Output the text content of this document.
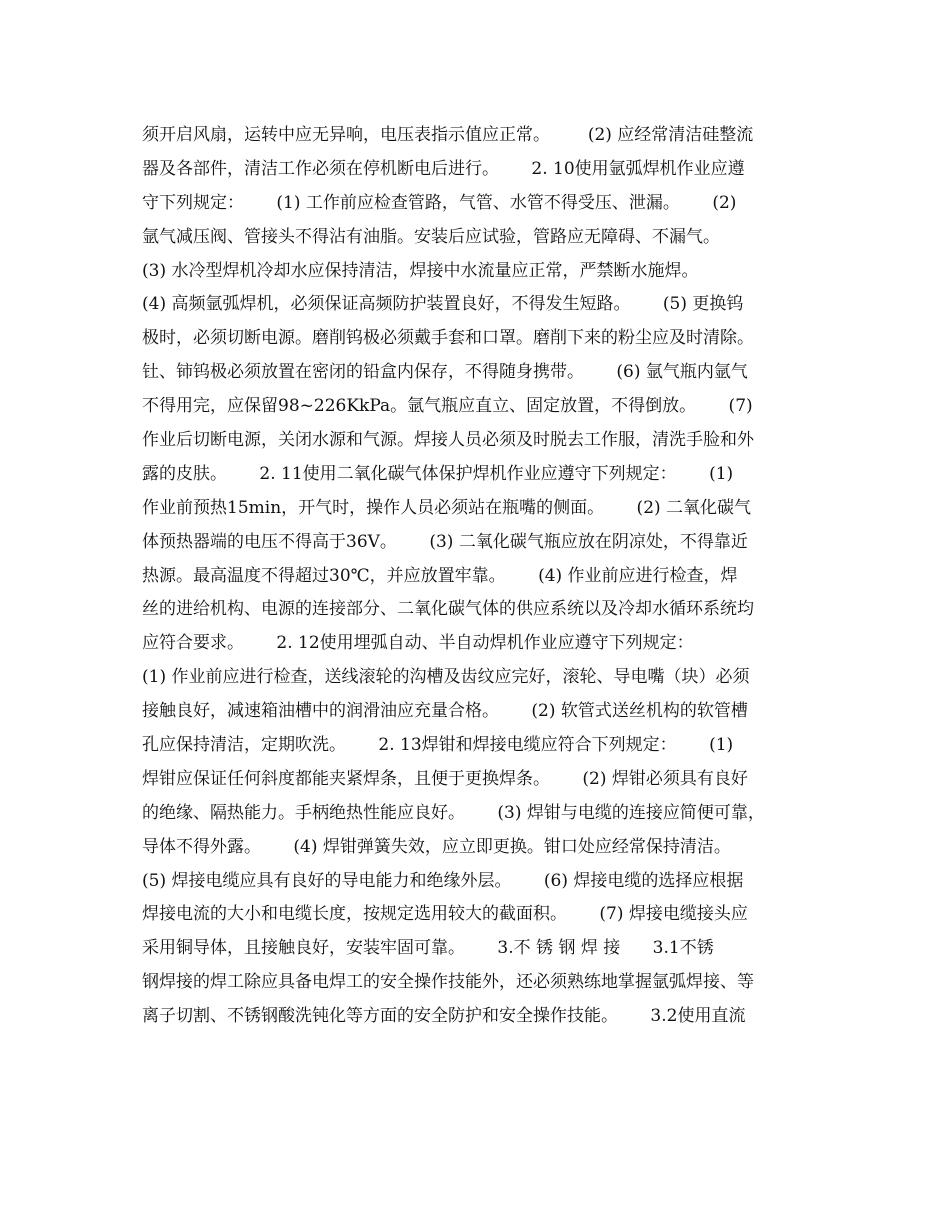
须开启风扇，运转中应无异响，电压表指示值应正常。       (2) 应经常清洁硅整流
器及各部件，清洁工作必须在停机断电后进行。      2. 10使用氩弧焊机作业应遵
守下列规定：      (1) 工作前应检查管路，气管、水管不得受压、泄漏。      (2)
氩气减压阀、管接头不得沾有油脂。安装后应试验，管路应无障碍、不漏气。
(3) 水冷型焊机冷却水应保持清洁，焊接中水流量应正常，严禁断水施焊。
(4) 高频氩弧焊机，必须保证高频防护装置良好，不得发生短路。      (5) 更换钨
极时，必须切断电源。磨削钨极必须戴手套和口罩。磨削下来的粉尘应及时清除。
钍、铈钨极必须放置在密闭的铅盒内保存，不得随身携带。      (6) 氩气瓶内氩气
不得用完，应保留98~226KkPa。氩气瓶应直立、固定放置，不得倒放。      (7)
作业后切断电源，关闭水源和气源。焊接人员必须及时脱去工作服，清洗手脸和外
露的皮肤。      2. 11使用二氧化碳气体保护焊机作业应遵守下列规定：      (1)
作业前预热15min，开气时，操作人员必须站在瓶嘴的侧面。      (2) 二氧化碳气
体预热器端的电压不得高于36V。      (3) 二氧化碳气瓶应放在阴凉处，不得靠近
热源。最高温度不得超过30℃，并应放置牢靠。      (4) 作业前应进行检查，焊
丝的进给机构、电源的连接部分、二氧化碳气体的供应系统以及冷却水循环系统均
应符合要求。      2. 12使用埋弧自动、半自动焊机作业应遵守下列规定：
(1) 作业前应进行检查，送线滚轮的沟槽及齿纹应完好，滚轮、导电嘴（块）必须
接触良好，减速箱油槽中的润滑油应充量合格。      (2) 软管式送丝机构的软管槽
孔应保持清洁，定期吹洗。      2. 13焊钳和焊接电缆应符合下列规定：      (1)
焊钳应保证任何斜度都能夹紧焊条，且便于更换焊条。      (2) 焊钳必须具有良好
的绝缘、隔热能力。手柄绝热性能应良好。      (3) 焊钳与电缆的连接应简便可靠，
导体不得外露。      (4) 焊钳弹簧失效，应立即更换。钳口处应经常保持清洁。
(5) 焊接电缆应具有良好的导电能力和绝缘外层。      (6) 焊接电缆的选择应根据
焊接电流的大小和电缆长度，按规定选用较大的截面积。      (7) 焊接电缆接头应
采用铜导体，且接触良好，安装牢固可靠。      3.不 锈 钢 焊 接      3.1不锈
钢焊接的焊工除应具备电焊工的安全操作技能外，还必须熟练地掌握氩弧焊接、等
离子切割、不锈钢酸洗钝化等方面的安全防护和安全操作技能。      3.2使用直流
